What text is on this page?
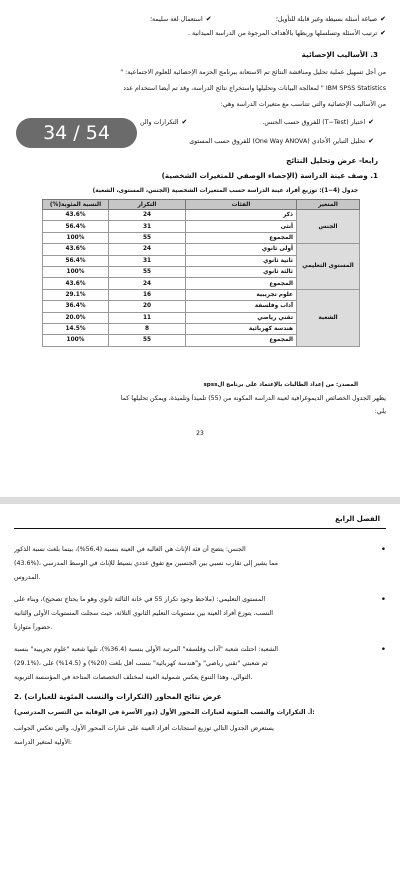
✔صياغة أسئلة بسيطة وغير قابلة للتأويل؛
✔استعمال لغة سليمة؛
✔ترتيب الأسئلة وتسلسلها وربطها بالأهداف المرجوة من الدراسة الميدانية .
3. الأساليب الإحصائية
من أجل تسهيل عملية تحليل ومناقشة النتائج تم الاستعانة ببرنامج الحزمة الإحصائية للعلوم الاجتماعية: "
IBM SPSS Statistics " لمعالجة البيانات وتحليلها واستخراج نتائج الدراسة، وقد تم أيضا استخدام عدد
من الأساليب الإحصائية والتي تتناسب مع متغيرات الدراسة وهي:
✔اختبار (T−Test) للفروق حسب الجنس.
✔التكرارات والن
✔تحليل التباين الأحادي (One Way ANOVA) للفروق حسب المستوى
34 / 54
رابعا- عرض وتحليل النتائج
1. وصف عينة الدراسة (الإحصاء الوصفي للمتغيرات الشخصية)
جدول (4−1): توزيع أفراد عينة الدراسة حسب المتغيرات الشخصية (الجنس، المستوى، الشعبة)
المتغير	الفئات	التكرار	النسبة المئوية(%)
الجنس	ذكر	24	43.6%
	أنثى	31	56.4%
	المجموع	55	100%
المستوى التعليمي	أولى ثانوي	24	43.6%
	ثانية ثانوي	31	56.4%
	ثالثة ثانوي	55	100%
	المجموع	24	43.6%
الشعبة	علوم تجريبية	16	29.1%
	آداب وفلسفة	20	36.4%
	تقني رياضي	11	20.0%
	هندسة كهربائية	8	14.5%
	المجموع	55	100%
المصدر: من إعداد الطالبات بالإعتماد على برنامج الspss
يظهر الجدول الخصائص الديموغرافية لعينة الدراسة المكونة من (55) تلميذاً وتلميذة، ويمكن تحليلها كما
يلي:
23
الفصل الرابع
•
الجنس: يتضح أن فئة الإناث هي الغالبة في العينة بنسبة (56.4%)، بينما بلغت نسبة الذكور
(43.6%)، مما يشير إلى تقارب نسبي بين الجنسين مع تفوق عددي بسيط للإناث في الوسط المدرسي
المدروس.
•
المستوى التعليمي: (ملاحظ وجود تكرار 55 في خانة الثالثة ثانوي وهو ما يحتاج تصحيح)، وبناء على
النسب، يتوزع أفراد العينة بين مستويات التعليم الثانوي الثلاثة، حيث سجلت المستويات الأولى والثانية
حضوراً متوازناً.
•
الشعبة: احتلت شعبة "آداب وفلسفة" المرتبة الأولى بنسبة (36.4%)، تليها شعبة "علوم تجريبية" بنسبة
(29.1%)، ثم شعبتي "تقني رياضي" و"هندسة كهربائية" بنسب أقل بلغت (20%) و (14.5%) على
التوالي، وهذا التنوع يعكس شمولية العينة لمختلف التخصصات المتاحة في المؤسسة التربوية.
2. عرض نتائج المحاور (التكرارات والنسب المئوية للعبارات)
أ. التكرارات والنسب المئوية لعبارات المحور الأول (دور الأسرة في الوقاية من التسرب المدرسي):
يستعرض الجدول التالي توزيع استجابات أفراد العينة على عبارات المحور الأول، والتي تعكس الجوانب
الأولية لمتغير الدراسة:
